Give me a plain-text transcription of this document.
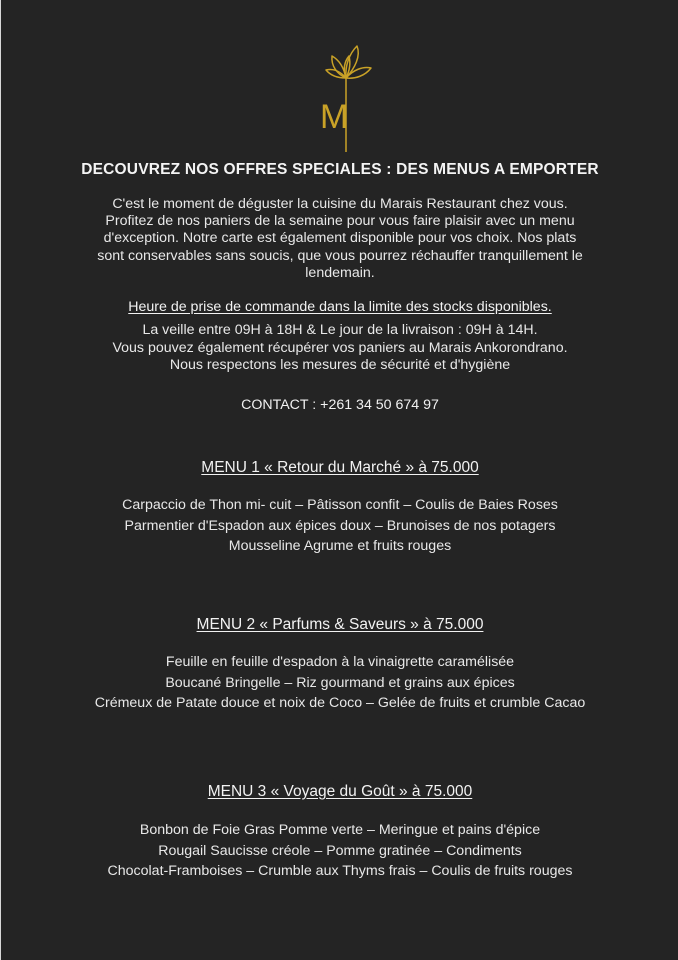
M
DECOUVREZ NOS OFFRES SPECIALES : DES MENUS A EMPORTER
C'est le moment de déguster la cuisine du Marais Restaurant chez vous.
Profitez de nos paniers de la semaine pour vous faire plaisir avec un menu
d'exception. Notre carte est également disponible pour vos choix. Nos plats
sont conservables sans soucis, que vous pourrez réchauffer tranquillement le
lendemain.
Heure de prise de commande dans la limite des stocks disponibles.
La veille entre 09H à 18H & Le jour de la livraison : 09H à 14H.
Vous pouvez également récupérer vos paniers au Marais Ankorondrano.
Nous respectons les mesures de sécurité et d'hygiène
CONTACT : +261 34 50 674 97
MENU 1 « Retour du Marché » à 75.000
Carpaccio de Thon mi- cuit – Pâtisson confit – Coulis de Baies Roses
Parmentier d'Espadon aux épices doux – Brunoises de nos potagers
Mousseline Agrume et fruits rouges
MENU 2 « Parfums & Saveurs » à 75.000
Feuille en feuille d'espadon à la vinaigrette caramélisée
Boucané Bringelle – Riz gourmand et grains aux épices
Crémeux de Patate douce et noix de Coco – Gelée de fruits et crumble Cacao
MENU 3 « Voyage du Goût » à 75.000
Bonbon de Foie Gras Pomme verte – Meringue et pains d'épice
Rougail Saucisse créole – Pomme gratinée – Condiments
Chocolat-Framboises – Crumble aux Thyms frais – Coulis de fruits rouges
